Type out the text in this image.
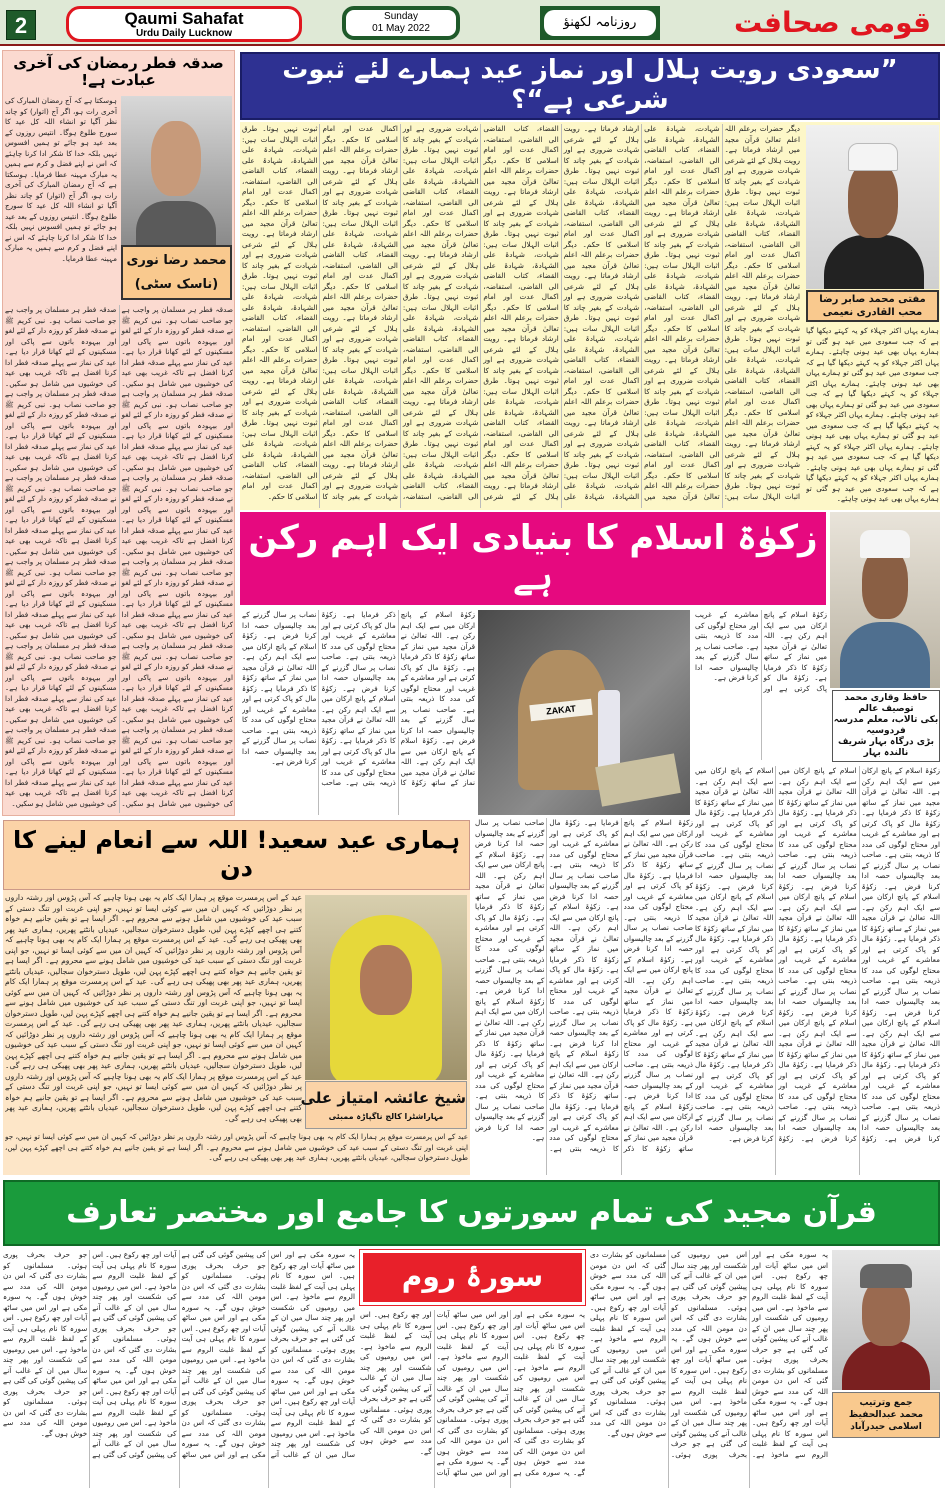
2	Qaumi Sahafat
Urdu Daily Lucknow
Sunday
01 May 2022	روزنامہ لکھنؤ	قومی صحافت
صدقہ فطر رمضان کی آخری عبادت ہے!
ہوسکتا ہے کہ آج رمضان المبارک کی آخری رات ہو، اگر آج (اتوار) کو چاند نظر آگیا تو انشاء اللہ کل عید کا سورج طلوع ہوگا۔ انتیس روزوں کے بعد عید ہو جائے تو ہمیں افسوس نہیں بلکہ خدا کا شکر ادا کرنا چاہئے کہ اس نے اپنے فضل و کرم سے ہمیں یہ مبارک مہینہ عطا فرمایا۔ ہوسکتا ہے کہ آج رمضان المبارک کی آخری رات ہو، اگر آج (اتوار) کو چاند نظر آگیا تو انشاء اللہ کل عید کا سورج طلوع ہوگا۔ انتیس روزوں کے بعد عید ہو جائے تو ہمیں افسوس نہیں بلکہ خدا کا شکر ادا کرنا چاہئے کہ اس نے اپنے فضل و کرم سے ہمیں یہ مبارک مہینہ عطا فرمایا۔ محمد رضا نوری
(ناسک سٹی)
صدقہ فطر ہر مسلمان پر واجب ہے جو صاحب نصاب ہو۔ نبی کریم ﷺ نے صدقہ فطر کو روزہ دار کے لئے لغو اور بیہودہ باتوں سے پاکی اور مسکینوں کے لئے کھانا قرار دیا ہے۔ عید کی نماز سے پہلے صدقہ فطر ادا کرنا افضل ہے تاکہ غریب بھی عید کی خوشیوں میں شامل ہو سکیں۔ صدقہ فطر ہر مسلمان پر واجب ہے جو صاحب نصاب ہو۔ نبی کریم ﷺ نے صدقہ فطر کو روزہ دار کے لئے لغو اور بیہودہ باتوں سے پاکی اور مسکینوں کے لئے کھانا قرار دیا ہے۔ عید کی نماز سے پہلے صدقہ فطر ادا کرنا افضل ہے تاکہ غریب بھی عید کی خوشیوں میں شامل ہو سکیں۔ صدقہ فطر ہر مسلمان پر واجب ہے جو صاحب نصاب ہو۔ نبی کریم ﷺ نے صدقہ فطر کو روزہ دار کے لئے لغو اور بیہودہ باتوں سے پاکی اور مسکینوں کے لئے کھانا قرار دیا ہے۔ عید کی نماز سے پہلے صدقہ فطر ادا کرنا افضل ہے تاکہ غریب بھی عید کی خوشیوں میں شامل ہو سکیں۔ صدقہ فطر ہر مسلمان پر واجب ہے جو صاحب نصاب ہو۔ نبی کریم ﷺ نے صدقہ فطر کو روزہ دار کے لئے لغو اور بیہودہ باتوں سے پاکی اور مسکینوں کے لئے کھانا قرار دیا ہے۔ عید کی نماز سے پہلے صدقہ فطر ادا کرنا افضل ہے تاکہ غریب بھی عید کی خوشیوں میں شامل ہو سکیں۔ صدقہ فطر ہر مسلمان پر واجب ہے جو صاحب نصاب ہو۔ نبی کریم ﷺ نے صدقہ فطر کو روزہ دار کے لئے لغو اور بیہودہ باتوں سے پاکی اور مسکینوں کے لئے کھانا قرار دیا ہے۔ عید کی نماز سے پہلے صدقہ فطر ادا کرنا افضل ہے تاکہ غریب بھی عید کی خوشیوں میں شامل ہو سکیں۔ صدقہ فطر ہر مسلمان پر واجب ہے جو صاحب نصاب ہو۔ نبی کریم ﷺ نے صدقہ فطر کو روزہ دار کے لئے لغو اور بیہودہ باتوں سے پاکی اور مسکینوں کے لئے کھانا قرار دیا ہے۔ عید کی نماز سے پہلے صدقہ فطر ادا کرنا افضل ہے تاکہ غریب بھی عید کی خوشیوں میں شامل ہو سکیں۔ صدقہ فطر ہر مسلمان پر واجب ہے جو صاحب نصاب ہو۔ نبی کریم ﷺ نے صدقہ فطر کو روزہ دار کے لئے لغو اور بیہودہ باتوں سے پاکی اور مسکینوں کے لئے کھانا قرار دیا ہے۔ عید کی نماز سے پہلے صدقہ فطر ادا کرنا افضل ہے تاکہ غریب بھی عید کی خوشیوں میں شامل ہو سکیں۔ صدقہ فطر ہر مسلمان پر واجب ہے جو صاحب نصاب ہو۔ نبی کریم ﷺ نے صدقہ فطر کو روزہ دار کے لئے لغو اور بیہودہ باتوں سے پاکی اور مسکینوں کے لئے کھانا قرار دیا ہے۔ عید کی نماز سے پہلے صدقہ فطر ادا کرنا افضل ہے تاکہ غریب بھی عید کی خوشیوں میں شامل ہو سکیں۔ صدقہ فطر ہر مسلمان پر واجب ہے جو صاحب نصاب ہو۔ نبی کریم ﷺ نے صدقہ فطر کو روزہ دار کے لئے لغو اور بیہودہ باتوں سے پاکی اور مسکینوں کے لئے کھانا قرار دیا ہے۔ عید کی نماز سے پہلے صدقہ فطر ادا کرنا افضل ہے تاکہ غریب بھی عید کی خوشیوں میں شامل ہو سکیں۔ صدقہ فطر ہر مسلمان پر واجب ہے جو صاحب نصاب ہو۔ نبی کریم ﷺ نے صدقہ فطر کو روزہ دار کے لئے لغو اور بیہودہ باتوں سے پاکی اور مسکینوں کے لئے کھانا قرار دیا ہے۔ عید کی نماز سے پہلے صدقہ فطر ادا کرنا افضل ہے تاکہ غریب بھی عید کی خوشیوں میں شامل ہو سکیں۔ صدقہ فطر ہر مسلمان پر واجب ہے جو صاحب نصاب ہو۔ نبی کریم ﷺ نے صدقہ فطر کو روزہ دار کے لئے لغو اور بیہودہ باتوں سے پاکی اور مسکینوں کے لئے کھانا قرار دیا ہے۔ عید کی نماز سے پہلے صدقہ فطر ادا کرنا افضل ہے تاکہ غریب بھی عید کی خوشیوں میں شامل ہو سکیں۔ صدقہ فطر ہر مسلمان پر واجب ہے جو صاحب نصاب ہو۔ نبی کریم ﷺ نے صدقہ فطر کو روزہ دار کے لئے لغو اور بیہودہ باتوں سے پاکی اور مسکینوں کے لئے کھانا قرار دیا ہے۔ عید کی نماز سے پہلے صدقہ فطر ادا کرنا افضل ہے تاکہ غریب بھی عید کی خوشیوں میں شامل ہو سکیں۔
”سعودی رویت ہلال اور نماز عید ہمارے لئے ثبوت شرعی ہے“؟
دیگر حضرات برعلم اللہ اعلم تعالیٰ قرآن مجید میں ارشاد فرماتا ہے۔ رویت ہلال کے لئے شرعی شہادت ضروری ہے اور شہادت کے بغیر چاند کا ثبوت نہیں ہوتا۔ طرق اثبات الہلال سات ہیں: شہادت، شہادۃ علی الشہادۃ، شہادۃ علی القضاء، کتاب القاضی الی القاضی، استفاضہ، اکمال عدت اور امام اسلامی کا حکم۔ دیگر حضرات برعلم اللہ اعلم تعالیٰ قرآن مجید میں ارشاد فرماتا ہے۔ رویت ہلال کے لئے شرعی شہادت ضروری ہے اور شہادت کے بغیر چاند کا ثبوت نہیں ہوتا۔ طرق اثبات الہلال سات ہیں: شہادت، شہادۃ علی الشہادۃ، شہادۃ علی القضاء، کتاب القاضی الی القاضی، استفاضہ، اکمال عدت اور امام اسلامی کا حکم۔ دیگر حضرات برعلم اللہ اعلم تعالیٰ قرآن مجید میں ارشاد فرماتا ہے۔ رویت ہلال کے لئے شرعی شہادت ضروری ہے اور شہادت کے بغیر چاند کا ثبوت نہیں ہوتا۔ طرق اثبات الہلال سات ہیں: شہادت، شہادۃ علی الشہادۃ، شہادۃ علی القضاء، کتاب القاضی الی القاضی، استفاضہ، اکمال عدت اور امام اسلامی کا حکم۔ دیگر حضرات برعلم اللہ اعلم تعالیٰ قرآن مجید میں ارشاد فرماتا ہے۔ رویت ہلال کے لئے شرعی شہادت ضروری ہے اور شہادت کے بغیر چاند کا ثبوت نہیں ہوتا۔ طرق اثبات الہلال سات ہیں: شہادت، شہادۃ علی الشہادۃ، شہادۃ علی القضاء، کتاب القاضی الی القاضی، استفاضہ، اکمال عدت اور امام اسلامی کا حکم۔ دیگر حضرات برعلم اللہ اعلم تعالیٰ قرآن مجید میں ارشاد فرماتا ہے۔ رویت ہلال کے لئے شرعی شہادت ضروری ہے اور شہادت کے بغیر چاند کا ثبوت نہیں ہوتا۔ طرق اثبات الہلال سات ہیں: شہادت، شہادۃ علی الشہادۃ، شہادۃ علی القضاء، کتاب القاضی الی القاضی، استفاضہ، اکمال عدت اور امام اسلامی کا حکم۔ دیگر حضرات برعلم اللہ اعلم تعالیٰ قرآن مجید میں ارشاد فرماتا ہے۔ رویت ہلال کے لئے شرعی شہادت ضروری ہے اور شہادت کے بغیر چاند کا ثبوت نہیں ہوتا۔ طرق اثبات الہلال سات ہیں: شہادت، شہادۃ علی الشہادۃ، شہادۃ علی القضاء، کتاب القاضی الی القاضی، استفاضہ، اکمال عدت اور امام اسلامی کا حکم۔ دیگر حضرات برعلم اللہ اعلم تعالیٰ قرآن مجید میں ارشاد فرماتا ہے۔ رویت ہلال کے لئے شرعی شہادت ضروری ہے اور شہادت کے بغیر چاند کا ثبوت نہیں ہوتا۔ طرق اثبات الہلال سات ہیں: شہادت، شہادۃ علی الشہادۃ، شہادۃ علی القضاء، کتاب القاضی الی القاضی، استفاضہ، اکمال عدت اور امام اسلامی کا حکم۔ دیگر حضرات برعلم اللہ اعلم تعالیٰ قرآن مجید میں ارشاد فرماتا ہے۔ رویت ہلال کے لئے شرعی شہادت ضروری ہے اور شہادت کے بغیر چاند کا ثبوت نہیں ہوتا۔ طرق اثبات الہلال سات ہیں: شہادت، شہادۃ علی الشہادۃ، شہادۃ علی القضاء، کتاب القاضی الی القاضی، استفاضہ، اکمال عدت اور امام اسلامی کا حکم۔ دیگر حضرات برعلم اللہ اعلم تعالیٰ قرآن مجید میں ارشاد فرماتا ہے۔ رویت ہلال کے لئے شرعی شہادت ضروری ہے اور شہادت کے بغیر چاند کا ثبوت نہیں ہوتا۔ طرق اثبات الہلال سات ہیں: شہادت، شہادۃ علی الشہادۃ، شہادۃ علی القضاء، کتاب القاضی الی القاضی، استفاضہ، اکمال عدت اور امام اسلامی کا حکم۔ دیگر حضرات برعلم اللہ اعلم تعالیٰ قرآن مجید میں ارشاد فرماتا ہے۔ رویت ہلال کے لئے شرعی شہادت ضروری ہے اور شہادت کے بغیر چاند کا ثبوت نہیں ہوتا۔ طرق اثبات الہلال سات ہیں: شہادت، شہادۃ علی الشہادۃ، شہادۃ علی القضاء، کتاب القاضی الی القاضی، استفاضہ، اکمال عدت اور امام اسلامی کا حکم۔ دیگر حضرات برعلم اللہ اعلم تعالیٰ قرآن مجید میں ارشاد فرماتا ہے۔ رویت ہلال کے لئے شرعی شہادت ضروری ہے اور شہادت کے بغیر چاند کا ثبوت نہیں ہوتا۔ طرق اثبات الہلال سات ہیں: شہادت، شہادۃ علی الشہادۃ، شہادۃ علی القضاء، کتاب القاضی الی القاضی، استفاضہ، اکمال عدت اور امام اسلامی کا حکم۔ دیگر حضرات برعلم اللہ اعلم تعالیٰ قرآن مجید میں ارشاد فرماتا ہے۔ رویت ہلال کے لئے شرعی شہادت ضروری ہے اور شہادت کے بغیر چاند کا ثبوت نہیں ہوتا۔ طرق اثبات الہلال سات ہیں: شہادت، شہادۃ علی الشہادۃ، شہادۃ علی القضاء، کتاب القاضی الی القاضی، استفاضہ، اکمال عدت اور امام اسلامی کا حکم۔ دیگر حضرات برعلم اللہ اعلم تعالیٰ قرآن مجید میں ارشاد فرماتا ہے۔ رویت ہلال کے لئے شرعی شہادت ضروری ہے اور شہادت کے بغیر چاند کا ثبوت نہیں ہوتا۔ طرق اثبات الہلال سات ہیں: شہادت، شہادۃ علی الشہادۃ، شہادۃ علی القضاء، کتاب القاضی الی القاضی، استفاضہ، اکمال عدت اور امام اسلامی کا حکم۔ دیگر حضرات برعلم اللہ اعلم تعالیٰ قرآن مجید میں ارشاد فرماتا ہے۔ رویت ہلال کے لئے شرعی شہادت ضروری ہے اور شہادت کے بغیر چاند کا ثبوت نہیں ہوتا۔ طرق اثبات الہلال سات ہیں: شہادت، شہادۃ علی الشہادۃ، شہادۃ علی القضاء، کتاب القاضی الی القاضی، استفاضہ، اکمال عدت اور امام اسلامی کا حکم۔ دیگر حضرات برعلم اللہ اعلم تعالیٰ قرآن مجید میں ارشاد فرماتا ہے۔ رویت ہلال کے لئے شرعی شہادت ضروری ہے اور شہادت کے بغیر چاند کا ثبوت نہیں ہوتا۔ طرق اثبات الہلال سات ہیں: شہادت، شہادۃ علی الشہادۃ، شہادۃ علی القضاء، کتاب القاضی الی القاضی، استفاضہ، اکمال عدت اور امام اسلامی کا حکم۔ دیگر حضرات برعلم اللہ اعلم تعالیٰ قرآن مجید میں ارشاد فرماتا ہے۔ رویت ہلال کے لئے شرعی شہادت ضروری ہے اور شہادت کے بغیر چاند کا ثبوت نہیں ہوتا۔ طرق اثبات الہلال سات ہیں: شہادت، شہادۃ علی الشہادۃ، شہادۃ علی القضاء، کتاب القاضی الی القاضی، استفاضہ، اکمال عدت اور امام اسلامی کا حکم۔ دیگر حضرات برعلم اللہ اعلم تعالیٰ قرآن مجید میں ارشاد فرماتا ہے۔ رویت ہلال کے لئے شرعی شہادت ضروری ہے اور شہادت کے بغیر چاند کا ثبوت نہیں ہوتا۔ طرق اثبات الہلال سات ہیں: شہادت، شہادۃ علی الشہادۃ، شہادۃ علی القضاء، کتاب القاضی الی القاضی، استفاضہ، اکمال عدت اور امام اسلامی کا حکم۔ دیگر حضرات برعلم اللہ اعلم تعالیٰ قرآن مجید میں ارشاد فرماتا ہے۔ رویت ہلال کے لئے شرعی شہادت ضروری ہے اور شہادت کے بغیر چاند کا ثبوت نہیں ہوتا۔ طرق اثبات الہلال سات ہیں: شہادت، شہادۃ علی الشہادۃ، شہادۃ علی القضاء، کتاب القاضی الی القاضی، استفاضہ، اکمال عدت اور امام اسلامی کا حکم۔
مفتی محمد صابر رضا محب القادری نعیمی
ہمارے یہاں اکثر جہلاء کو یہ کہتے دیکھا گیا ہے کہ جب سعودی میں عید ہو گئی تو ہمارے یہاں بھی عید ہونی چاہئے۔ ہمارے یہاں اکثر جہلاء کو یہ کہتے دیکھا گیا ہے کہ جب سعودی میں عید ہو گئی تو ہمارے یہاں بھی عید ہونی چاہئے۔ ہمارے یہاں اکثر جہلاء کو یہ کہتے دیکھا گیا ہے کہ جب سعودی میں عید ہو گئی تو ہمارے یہاں بھی عید ہونی چاہئے۔ ہمارے یہاں اکثر جہلاء کو یہ کہتے دیکھا گیا ہے کہ جب سعودی میں عید ہو گئی تو ہمارے یہاں بھی عید ہونی چاہئے۔ ہمارے یہاں اکثر جہلاء کو یہ کہتے دیکھا گیا ہے کہ جب سعودی میں عید ہو گئی تو ہمارے یہاں بھی عید ہونی چاہئے۔ ہمارے یہاں اکثر جہلاء کو یہ کہتے دیکھا گیا ہے کہ جب سعودی میں عید ہو گئی تو ہمارے یہاں بھی عید ہونی چاہئے۔
زکوٰۃ اسلام کا بنیادی ایک اہم رکن ہے
حافظ وقاری محمد توصیف عالم
بکی تالاب، معلم مدرسہ فردوسیہ
بڑی درگاہ بہار شریف نالندہ بہار
زکوٰۃ اسلام کے پانچ ارکان میں سے ایک اہم رکن ہے۔ اللہ تعالیٰ نے قرآن مجید میں نماز کے ساتھ زکوٰۃ کا ذکر فرمایا ہے۔ زکوٰۃ مال کو پاک کرتی ہے اور معاشرے کے غریب اور محتاج لوگوں کی مدد کا ذریعہ بنتی ہے۔ صاحب نصاب پر سال گزرنے کے بعد چالیسواں حصہ ادا کرنا فرض ہے۔ زکوٰۃ اسلام کے پانچ ارکان میں سے ایک اہم رکن ہے۔ اللہ تعالیٰ نے قرآن مجید میں نماز کے ساتھ زکوٰۃ کا ذکر فرمایا ہے۔ زکوٰۃ مال کو پاک کرتی ہے اور معاشرے کے غریب اور محتاج لوگوں کی مدد کا ذریعہ بنتی ہے۔ صاحب نصاب پر سال گزرنے کے بعد چالیسواں حصہ ادا کرنا فرض ہے۔ زکوٰۃ اسلام کے پانچ ارکان میں سے ایک اہم رکن ہے۔ اللہ تعالیٰ نے قرآن مجید میں نماز کے ساتھ زکوٰۃ کا ذکر فرمایا ہے۔ زکوٰۃ مال کو پاک کرتی ہے اور معاشرے کے غریب اور محتاج لوگوں کی مدد کا ذریعہ بنتی ہے۔ صاحب نصاب پر سال گزرنے کے بعد چالیسواں حصہ ادا کرنا فرض ہے۔ زکوٰۃ اسلام کے پانچ ارکان میں سے ایک اہم رکن ہے۔ اللہ تعالیٰ نے قرآن مجید میں نماز کے ساتھ زکوٰۃ کا ذکر فرمایا ہے۔ زکوٰۃ مال کو پاک کرتی ہے اور معاشرے کے غریب اور محتاج لوگوں کی مدد کا ذریعہ بنتی ہے۔ صاحب نصاب پر سال گزرنے کے بعد چالیسواں حصہ ادا کرنا فرض ہے۔
ZAKAT
زکوٰۃ اسلام کے پانچ ارکان میں سے ایک اہم رکن ہے۔ اللہ تعالیٰ نے قرآن مجید میں نماز کے ساتھ زکوٰۃ کا ذکر فرمایا ہے۔ زکوٰۃ مال کو پاک کرتی ہے اور معاشرے کے غریب اور محتاج لوگوں کی مدد کا ذریعہ بنتی ہے۔ صاحب نصاب پر سال گزرنے کے بعد چالیسواں حصہ ادا کرنا فرض ہے۔
زکوٰۃ اسلام کے پانچ ارکان میں سے ایک اہم رکن ہے۔ اللہ تعالیٰ نے قرآن مجید میں نماز کے ساتھ زکوٰۃ کا ذکر فرمایا ہے۔ زکوٰۃ مال کو پاک کرتی ہے اور معاشرے کے غریب اور محتاج لوگوں کی مدد کا ذریعہ بنتی ہے۔ صاحب نصاب پر سال گزرنے کے بعد چالیسواں حصہ ادا کرنا فرض ہے۔ زکوٰۃ اسلام کے پانچ ارکان میں سے ایک اہم رکن ہے۔ اللہ تعالیٰ نے قرآن مجید میں نماز کے ساتھ زکوٰۃ کا ذکر فرمایا ہے۔ زکوٰۃ مال کو پاک کرتی ہے اور معاشرے کے غریب اور محتاج لوگوں کی مدد کا ذریعہ بنتی ہے۔ صاحب نصاب پر سال گزرنے کے بعد چالیسواں حصہ ادا کرنا فرض ہے۔ زکوٰۃ اسلام کے پانچ ارکان میں سے ایک اہم رکن ہے۔ اللہ تعالیٰ نے قرآن مجید میں نماز کے ساتھ زکوٰۃ کا ذکر فرمایا ہے۔ زکوٰۃ مال کو پاک کرتی ہے اور معاشرے کے غریب اور محتاج لوگوں کی مدد کا ذریعہ بنتی ہے۔ صاحب نصاب پر سال گزرنے کے بعد چالیسواں حصہ ادا کرنا فرض ہے۔ زکوٰۃ اسلام کے پانچ ارکان میں سے ایک اہم رکن ہے۔ اللہ تعالیٰ نے قرآن مجید میں نماز کے ساتھ زکوٰۃ کا ذکر فرمایا ہے۔ زکوٰۃ مال کو پاک کرتی ہے اور معاشرے کے غریب اور محتاج لوگوں کی مدد کا ذریعہ بنتی ہے۔ صاحب نصاب پر سال گزرنے کے بعد چالیسواں حصہ ادا کرنا فرض ہے۔ زکوٰۃ اسلام کے پانچ ارکان میں سے ایک اہم رکن ہے۔ اللہ تعالیٰ نے قرآن مجید میں نماز کے ساتھ زکوٰۃ کا ذکر فرمایا ہے۔ زکوٰۃ مال کو پاک کرتی ہے اور معاشرے کے غریب اور محتاج لوگوں کی مدد کا ذریعہ بنتی ہے۔ صاحب نصاب پر سال گزرنے کے بعد چالیسواں حصہ ادا کرنا فرض ہے۔ زکوٰۃ اسلام کے پانچ ارکان میں سے ایک اہم رکن ہے۔ اللہ تعالیٰ نے قرآن مجید میں نماز کے ساتھ زکوٰۃ کا ذکر فرمایا ہے۔ زکوٰۃ مال کو پاک کرتی ہے اور معاشرے کے غریب اور محتاج لوگوں کی مدد کا ذریعہ بنتی ہے۔ صاحب نصاب پر سال گزرنے کے بعد چالیسواں حصہ ادا کرنا فرض ہے۔ زکوٰۃ اسلام کے پانچ ارکان میں سے ایک اہم رکن ہے۔ اللہ تعالیٰ نے قرآن مجید میں نماز کے ساتھ زکوٰۃ کا ذکر فرمایا ہے۔ زکوٰۃ مال کو پاک کرتی ہے اور معاشرے کے غریب اور محتاج لوگوں کی مدد کا ذریعہ بنتی ہے۔ صاحب نصاب پر سال گزرنے کے بعد چالیسواں حصہ ادا کرنا فرض ہے۔ زکوٰۃ اسلام کے پانچ ارکان میں سے ایک اہم رکن ہے۔ اللہ تعالیٰ نے قرآن مجید میں نماز کے ساتھ زکوٰۃ کا ذکر فرمایا ہے۔ زکوٰۃ مال کو پاک کرتی ہے اور معاشرے کے غریب اور محتاج لوگوں کی مدد کا ذریعہ بنتی ہے۔ صاحب نصاب پر سال گزرنے کے بعد چالیسواں حصہ ادا کرنا فرض ہے۔ زکوٰۃ اسلام کے پانچ ارکان میں سے ایک اہم رکن ہے۔ اللہ تعالیٰ نے قرآن مجید میں نماز کے ساتھ زکوٰۃ کا ذکر فرمایا ہے۔ زکوٰۃ مال کو پاک کرتی ہے اور معاشرے کے غریب اور محتاج لوگوں کی مدد کا ذریعہ بنتی ہے۔ صاحب نصاب پر سال گزرنے کے بعد چالیسواں حصہ ادا کرنا فرض ہے۔
زکوٰۃ اسلام کے پانچ ارکان میں سے ایک اہم رکن ہے۔ اللہ تعالیٰ نے قرآن مجید میں نماز کے ساتھ زکوٰۃ کا ذکر فرمایا ہے۔ زکوٰۃ مال کو پاک کرتی ہے اور معاشرے کے غریب اور محتاج لوگوں کی مدد کا ذریعہ بنتی ہے۔ صاحب نصاب پر سال گزرنے کے بعد چالیسواں حصہ ادا کرنا فرض ہے۔ زکوٰۃ اسلام کے پانچ ارکان میں سے ایک اہم رکن ہے۔ اللہ تعالیٰ نے قرآن مجید میں نماز کے ساتھ زکوٰۃ کا ذکر فرمایا ہے۔ زکوٰۃ مال کو پاک کرتی ہے اور معاشرے کے غریب اور محتاج لوگوں کی مدد کا ذریعہ بنتی ہے۔ صاحب نصاب پر سال گزرنے کے بعد چالیسواں حصہ ادا کرنا فرض ہے۔ زکوٰۃ اسلام کے پانچ ارکان میں سے ایک اہم رکن ہے۔ اللہ تعالیٰ نے قرآن مجید میں نماز کے ساتھ زکوٰۃ کا ذکر فرمایا ہے۔ زکوٰۃ مال کو پاک کرتی ہے اور معاشرے کے غریب اور محتاج لوگوں کی مدد کا ذریعہ بنتی ہے۔ صاحب نصاب پر سال گزرنے کے بعد چالیسواں حصہ ادا کرنا فرض ہے۔ زکوٰۃ اسلام کے پانچ ارکان میں سے ایک اہم رکن ہے۔ اللہ تعالیٰ نے قرآن مجید میں نماز کے ساتھ زکوٰۃ کا ذکر فرمایا ہے۔ زکوٰۃ مال کو پاک کرتی ہے اور معاشرے کے غریب اور محتاج لوگوں کی مدد کا ذریعہ بنتی ہے۔ صاحب نصاب پر سال گزرنے کے بعد چالیسواں حصہ ادا کرنا فرض ہے۔ زکوٰۃ اسلام کے پانچ ارکان میں سے ایک اہم رکن ہے۔ اللہ تعالیٰ نے قرآن مجید میں نماز کے ساتھ زکوٰۃ کا ذکر فرمایا ہے۔ زکوٰۃ مال کو پاک کرتی ہے اور معاشرے کے غریب اور محتاج لوگوں کی مدد کا ذریعہ بنتی ہے۔ صاحب نصاب پر سال گزرنے کے بعد چالیسواں حصہ ادا کرنا فرض ہے۔ زکوٰۃ اسلام کے پانچ ارکان میں سے ایک اہم رکن ہے۔ اللہ تعالیٰ نے قرآن مجید میں نماز کے ساتھ زکوٰۃ کا ذکر فرمایا ہے۔ زکوٰۃ مال کو پاک کرتی ہے اور معاشرے کے غریب اور محتاج لوگوں کی مدد کا ذریعہ بنتی ہے۔ صاحب نصاب پر سال گزرنے کے بعد چالیسواں حصہ ادا کرنا فرض ہے۔ زکوٰۃ اسلام کے پانچ ارکان میں سے ایک اہم رکن ہے۔ اللہ تعالیٰ نے قرآن مجید میں نماز کے ساتھ زکوٰۃ کا ذکر فرمایا ہے۔ زکوٰۃ مال کو پاک کرتی ہے اور معاشرے کے غریب اور محتاج لوگوں کی مدد کا ذریعہ بنتی ہے۔ صاحب نصاب پر سال گزرنے کے بعد چالیسواں حصہ ادا کرنا فرض ہے۔
ہماری عید سعید! اللہ سے انعام لینے کا دن
عید کے اس پرمسرت موقع پر ہمارا ایک کام یہ بھی ہونا چاہیے کہ آس پڑوس اور رشتہ داروں پر نظر دوڑائیں کہ کہیں ان میں سے کوئی ایسا تو نہیں، جو اپنی غربت اور تنگ دستی کے سبب عید کی خوشیوں میں شامل ہونے سے محروم ہے۔ اگر ایسا ہے تو یقین جانیے ہم خواہ کتنے ہی اچھے کپڑے پہن لیں، طویل دسترخوان سجالیں، عیدیاں بانٹتے پھریں، ہماری عید پھر بھی پھیکی ہی رہے گی۔ عید کے اس پرمسرت موقع پر ہمارا ایک کام یہ بھی ہونا چاہیے کہ آس پڑوس اور رشتہ داروں پر نظر دوڑائیں کہ کہیں ان میں سے کوئی ایسا تو نہیں، جو اپنی غربت اور تنگ دستی کے سبب عید کی خوشیوں میں شامل ہونے سے محروم ہے۔ اگر ایسا ہے تو یقین جانیے ہم خواہ کتنے ہی اچھے کپڑے پہن لیں، طویل دسترخوان سجالیں، عیدیاں بانٹتے پھریں، ہماری عید پھر بھی پھیکی ہی رہے گی۔ عید کے اس پرمسرت موقع پر ہمارا ایک کام یہ بھی ہونا چاہیے کہ آس پڑوس اور رشتہ داروں پر نظر دوڑائیں کہ کہیں ان میں سے کوئی ایسا تو نہیں، جو اپنی غربت اور تنگ دستی کے سبب عید کی خوشیوں میں شامل ہونے سے محروم ہے۔ اگر ایسا ہے تو یقین جانیے ہم خواہ کتنے ہی اچھے کپڑے پہن لیں، طویل دسترخوان سجالیں، عیدیاں بانٹتے پھریں، ہماری عید پھر بھی پھیکی ہی رہے گی۔ عید کے اس پرمسرت موقع پر ہمارا ایک کام یہ بھی ہونا چاہیے کہ آس پڑوس اور رشتہ داروں پر نظر دوڑائیں کہ کہیں ان میں سے کوئی ایسا تو نہیں، جو اپنی غربت اور تنگ دستی کے سبب عید کی خوشیوں میں شامل ہونے سے محروم ہے۔ اگر ایسا ہے تو یقین جانیے ہم خواہ کتنے ہی اچھے کپڑے پہن لیں، طویل دسترخوان سجالیں، عیدیاں بانٹتے پھریں، ہماری عید پھر بھی پھیکی ہی رہے گی۔ عید کے اس پرمسرت موقع پر ہمارا ایک کام یہ بھی ہونا چاہیے کہ آس پڑوس اور رشتہ داروں پر نظر دوڑائیں کہ کہیں ان میں سے کوئی ایسا تو نہیں، جو اپنی غربت اور تنگ دستی کے سبب عید کی خوشیوں میں شامل ہونے سے محروم ہے۔ اگر ایسا ہے تو یقین جانیے ہم خواہ کتنے ہی اچھے کپڑے پہن لیں، طویل دسترخوان سجالیں، عیدیاں بانٹتے پھریں، ہماری عید پھر بھی پھیکی ہی رہے گی۔
شیخ عائشہ امتیاز علی
مہاراشٹرا کالج ناگپاڑہ ممبئی
عید کے اس پرمسرت موقع پر ہمارا ایک کام یہ بھی ہونا چاہیے کہ آس پڑوس اور رشتہ داروں پر نظر دوڑائیں کہ کہیں ان میں سے کوئی ایسا تو نہیں، جو اپنی غربت اور تنگ دستی کے سبب عید کی خوشیوں میں شامل ہونے سے محروم ہے۔ اگر ایسا ہے تو یقین جانیے ہم خواہ کتنے ہی اچھے کپڑے پہن لیں، طویل دسترخوان سجالیں، عیدیاں بانٹتے پھریں، ہماری عید پھر بھی پھیکی ہی رہے گی۔
قرآن مجید کی تمام سورتوں کا جامع اور مختصر تعارف
سورۂ روم
یہ سورہ مکی ہے اور اس میں ساٹھ آیات اور چھ رکوع ہیں۔ اس سورہ کا نام پہلی ہی آیت کے لفظ غلبت الروم سے ماخوذ ہے۔ اس میں رومیوں کی شکست اور پھر چند سال میں ان کے غالب آنے کی پیشین گوئی کی گئی ہے جو حرف بحرف پوری ہوئی۔ مسلمانوں کو بشارت دی گئی کہ اس دن مومن اللہ کی مدد سے خوش ہوں گے۔ یہ سورہ مکی ہے اور اس میں ساٹھ آیات اور چھ رکوع ہیں۔ اس سورہ کا نام پہلی ہی آیت کے لفظ غلبت الروم سے ماخوذ ہے۔ اس میں رومیوں کی شکست اور پھر چند سال میں ان کے غالب آنے کی پیشین گوئی کی گئی ہے جو حرف بحرف پوری ہوئی۔ مسلمانوں کو بشارت دی گئی کہ اس دن مومن اللہ کی مدد سے خوش ہوں گے۔ یہ سورہ مکی ہے اور اس میں ساٹھ آیات اور چھ رکوع ہیں۔ اس سورہ کا نام پہلی ہی آیت کے لفظ غلبت الروم سے ماخوذ ہے۔ اس میں رومیوں کی شکست اور پھر چند سال میں ان کے غالب آنے کی پیشین گوئی کی گئی ہے جو حرف بحرف پوری ہوئی۔ مسلمانوں کو بشارت دی گئی کہ اس دن مومن اللہ کی مدد سے خوش ہوں گے۔ یہ سورہ مکی ہے اور اس میں ساٹھ آیات اور چھ رکوع ہیں۔ اس سورہ کا نام پہلی ہی آیت کے لفظ غلبت الروم سے ماخوذ ہے۔ اس میں رومیوں کی شکست اور پھر چند سال میں ان کے غالب آنے کی پیشین گوئی کی گئی ہے جو حرف بحرف پوری ہوئی۔ مسلمانوں کو بشارت دی گئی کہ اس دن مومن اللہ کی مدد سے خوش ہوں گے۔ یہ سورہ مکی ہے اور اس میں ساٹھ آیات اور چھ رکوع ہیں۔ اس سورہ کا نام پہلی ہی آیت کے لفظ غلبت الروم سے ماخوذ ہے۔ اس میں رومیوں کی شکست اور پھر چند سال میں ان کے غالب آنے کی پیشین گوئی کی گئی ہے جو حرف بحرف پوری ہوئی۔ مسلمانوں کو بشارت دی گئی کہ اس دن مومن اللہ کی مدد سے خوش ہوں گے۔ یہ سورہ مکی ہے اور اس میں ساٹھ آیات اور چھ رکوع ہیں۔ اس سورہ کا نام پہلی ہی آیت کے لفظ غلبت الروم سے ماخوذ ہے۔ اس میں رومیوں کی شکست اور پھر چند سال میں ان کے غالب آنے کی پیشین گوئی کی گئی ہے جو حرف بحرف پوری ہوئی۔ مسلمانوں کو بشارت دی گئی کہ اس دن مومن اللہ کی مدد سے خوش ہوں گے۔
یہ سورہ مکی ہے اور اس میں ساٹھ آیات اور چھ رکوع ہیں۔ اس سورہ کا نام پہلی ہی آیت کے لفظ غلبت الروم سے ماخوذ ہے۔ اس میں رومیوں کی شکست اور پھر چند سال میں ان کے غالب آنے کی پیشین گوئی کی گئی ہے جو حرف بحرف پوری ہوئی۔ مسلمانوں کو بشارت دی گئی کہ اس دن مومن اللہ کی مدد سے خوش ہوں گے۔ یہ سورہ مکی ہے اور اس میں ساٹھ آیات اور چھ رکوع ہیں۔ اس سورہ کا نام پہلی ہی آیت کے لفظ غلبت الروم سے ماخوذ ہے۔ اس میں رومیوں کی شکست اور پھر چند سال میں ان کے غالب آنے کی پیشین گوئی کی گئی ہے جو حرف بحرف پوری ہوئی۔ مسلمانوں کو بشارت دی گئی کہ اس دن مومن اللہ کی مدد سے خوش ہوں گے۔ یہ سورہ مکی ہے اور اس میں ساٹھ آیات اور چھ رکوع ہیں۔ اس سورہ کا نام پہلی ہی آیت کے لفظ غلبت الروم سے ماخوذ ہے۔ اس میں رومیوں کی شکست اور پھر چند سال میں ان کے غالب آنے کی پیشین گوئی کی گئی ہے جو حرف بحرف پوری ہوئی۔ مسلمانوں کو بشارت دی گئی کہ اس دن مومن اللہ کی مدد سے خوش ہوں گے۔
یہ سورہ مکی ہے اور اس میں ساٹھ آیات اور چھ رکوع ہیں۔ اس سورہ کا نام پہلی ہی آیت کے لفظ غلبت الروم سے ماخوذ ہے۔ اس میں رومیوں کی شکست اور پھر چند سال میں ان کے غالب آنے کی پیشین گوئی کی گئی ہے جو حرف بحرف پوری ہوئی۔ مسلمانوں کو بشارت دی گئی کہ اس دن مومن اللہ کی مدد سے خوش ہوں گے۔ یہ سورہ مکی ہے اور اس میں ساٹھ آیات اور چھ رکوع ہیں۔ اس سورہ کا نام پہلی ہی آیت کے لفظ غلبت الروم سے ماخوذ ہے۔ اس میں رومیوں کی شکست اور پھر چند سال میں ان کے غالب آنے کی پیشین گوئی کی گئی ہے جو حرف بحرف پوری ہوئی۔ مسلمانوں کو بشارت دی گئی کہ اس دن مومن اللہ کی مدد سے خوش ہوں گے۔ یہ سورہ مکی ہے اور اس میں ساٹھ آیات اور چھ رکوع ہیں۔ اس سورہ کا نام پہلی ہی آیت کے لفظ غلبت الروم سے ماخوذ ہے۔ اس میں رومیوں کی شکست اور پھر چند سال میں ان کے غالب آنے کی پیشین گوئی کی گئی ہے جو حرف بحرف پوری ہوئی۔ مسلمانوں کو بشارت دی گئی کہ اس دن مومن اللہ کی مدد سے خوش ہوں گے۔ یہ سورہ مکی ہے اور اس میں ساٹھ آیات اور چھ رکوع ہیں۔ اس سورہ کا نام پہلی ہی آیت کے لفظ غلبت الروم سے ماخوذ ہے۔ اس میں رومیوں کی شکست اور پھر چند سال میں ان کے غالب آنے کی پیشین گوئی کی گئی ہے جو حرف بحرف پوری ہوئی۔ مسلمانوں کو بشارت دی گئی کہ اس دن مومن اللہ کی مدد سے خوش ہوں گے۔
جمع وترتیب
محمد عبدالحفیظ اسلامی حیدرآباد
